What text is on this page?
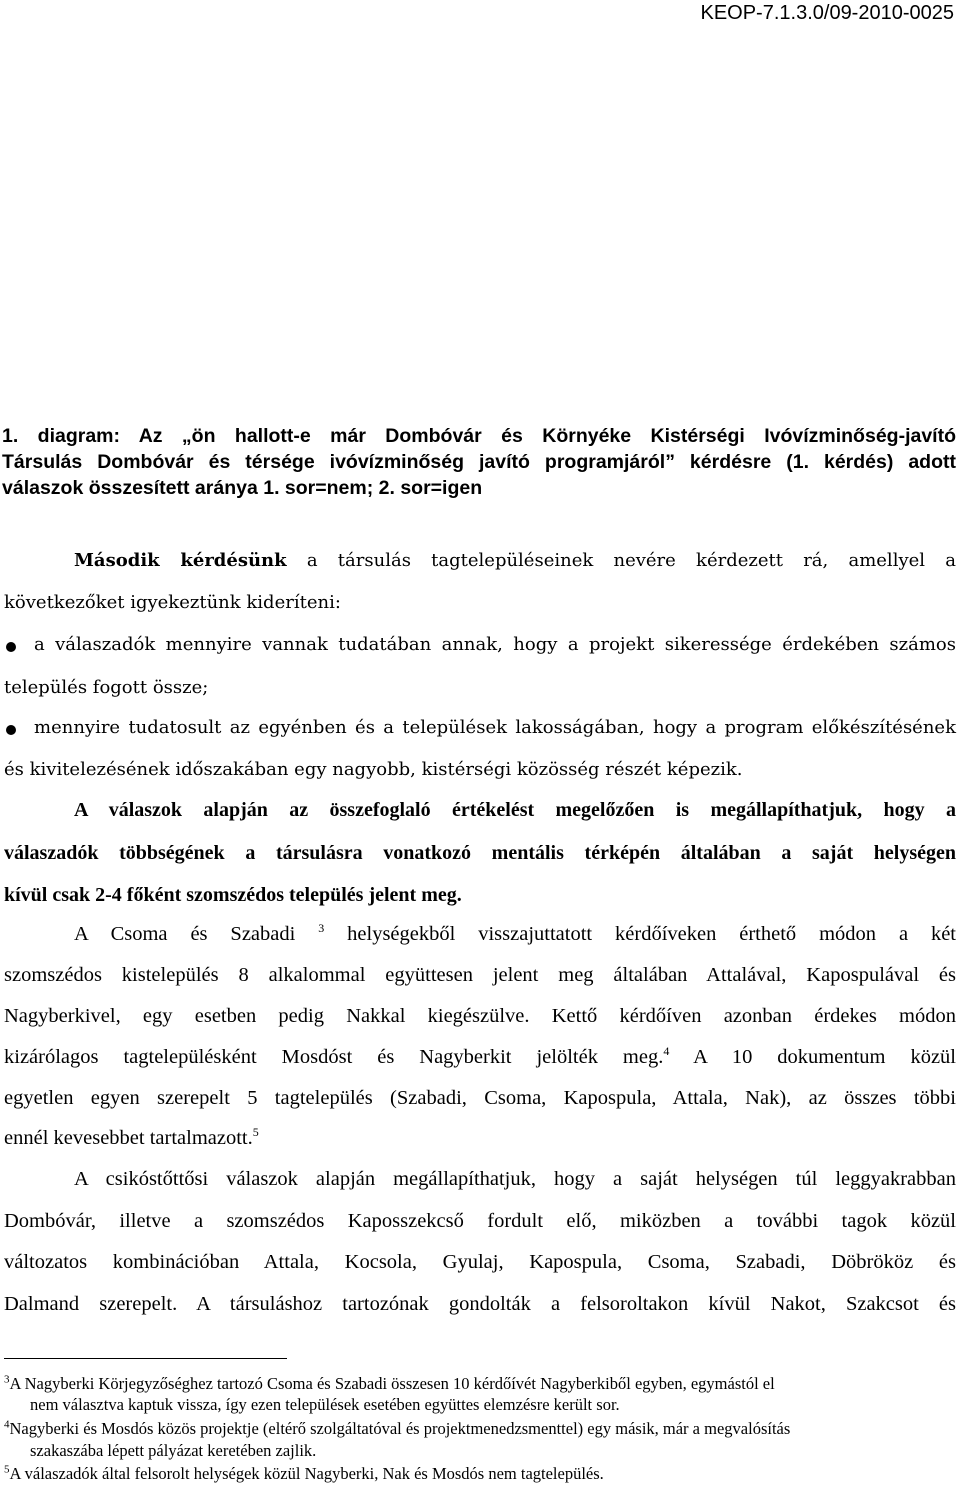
KEOP-7.1.3.0/09-2010-0025
1. diagram: Az „ön hallott-e már Dombóvár és Környéke Kistérségi Ivóvízminőség-javító
Társulás Dombóvár és térsége ivóvízminőség javító programjáról” kérdésre (1. kérdés) adott
válaszok összesített aránya 1. sor=nem; 2. sor=igen
Második kérdésünk a társulás tagtelepüléseinek nevére kérdezett rá, amellyel a
következőket igyekeztünk kideríteni:
a válaszadók mennyire vannak tudatában annak, hogy a projekt sikeressége érdekében számos
település fogott össze;
mennyire tudatosult az egyénben és a települések lakosságában, hogy a program előkészítésének
és kivitelezésének időszakában egy nagyobb, kistérségi közösség részét képezik.
A válaszok alapján az összefoglaló értékelést megelőzően is megállapíthatjuk, hogy a
válaszadók többségének a társulásra vonatkozó mentális térképén általában a saját helységen
kívül csak 2-4 főként szomszédos település jelent meg.
A Csoma és Szabadi $^3$ helységekből visszajuttatott kérdőíveken érthető módon a két
szomszédos kistelepülés 8 alkalommal együttesen jelent meg általában Attalával, Kapospulával és
Nagyberkivel, egy esetben pedig Nakkal kiegészülve. Kettő kérdőíven azonban érdekes módon
kizárólagos tagtelepülésként Mosdóst és Nagyberkit jelölték meg.$^4$ A 10 dokumentum közül
egyetlen egyen szerepelt 5 tagtelepülés (Szabadi, Csoma, Kapospula, Attala, Nak), az összes többi
ennél kevesebbet tartalmazott.$^5$
A csikóstőttősi válaszok alapján megállapíthatjuk, hogy a saját helységen túl leggyakrabban
Dombóvár, illetve a szomszédos Kaposszekcső fordult elő, miközben a további tagok közül
változatos kombinációban Attala, Kocsola, Gyulaj, Kapospula, Csoma, Szabadi, Döbrököz és
Dalmand szerepelt. A társuláshoz tartozónak gondolták a felsoroltakon kívül Nakot, Szakcsot és
$^3$A Nagyberki Körjegyzőséghez tartozó Csoma és Szabadi összesen 10 kérdőívét Nagyberkiből egyben, egymástól el
nem választva kaptuk vissza, így ezen települések esetében együttes elemzésre került sor.
$^4$Nagyberki és Mosdós közös projektje (eltérő szolgáltatóval és projektmenedzsmenttel) egy másik, már a megvalósítás
szakaszába lépett pályázat keretében zajlik.
$^5$A válaszadók által felsorolt helységek közül Nagyberki, Nak és Mosdós nem tagtelepülés.
